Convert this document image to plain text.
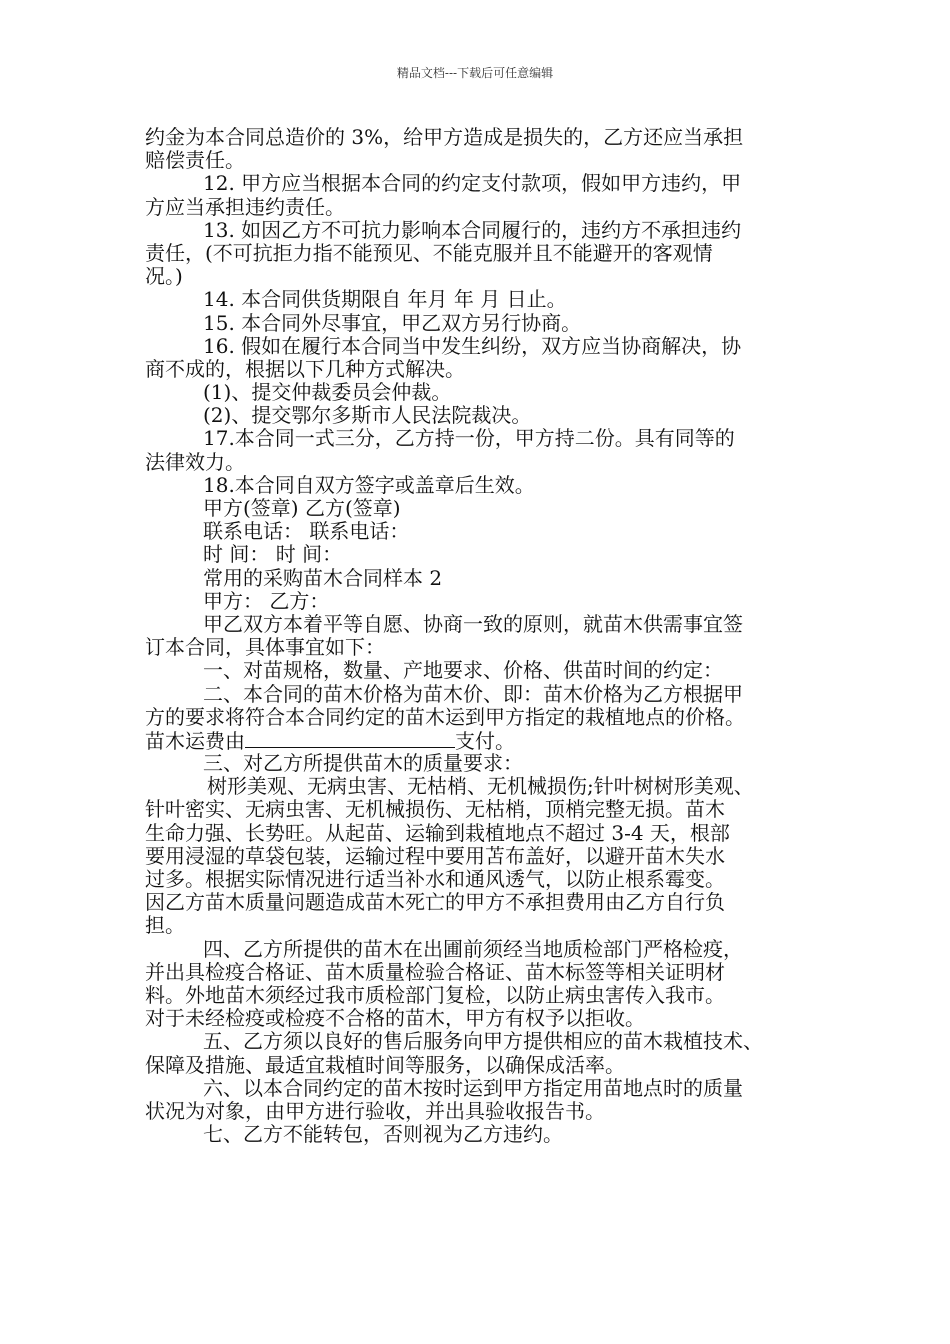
精品文档---下载后可任意编辑
约金为本合同总造价的 3%，给甲方造成是损失的，乙方还应当承担
赔偿责任。
12. 甲方应当根据本合同的约定支付款项，假如甲方违约，甲
方应当承担违约责任。
13. 如因乙方不可抗力影响本合同履行的，违约方不承担违约
责任，(不可抗拒力指不能预见、不能克服并且不能避开的客观情
况。)
14. 本合同供货期限自 年月 年 月 日止。
15. 本合同外尽事宜，甲乙双方另行协商。
16. 假如在履行本合同当中发生纠纷，双方应当协商解决，协
商不成的，根据以下几种方式解决。
(1)、提交仲裁委员会仲裁。
(2)、提交鄂尔多斯市人民法院裁决。
17.本合同一式三分，乙方持一份，甲方持二份。具有同等的
法律效力。
18.本合同自双方签字或盖章后生效。
甲方(签章) 乙方(签章)
联系电话： 联系电话：
时 间： 时 间：
常用的采购苗木合同样本 2
甲方： 乙方：
甲乙双方本着平等自愿、协商一致的原则，就苗木供需事宜签
订本合同，具体事宜如下：
一、对苗规格，数量、产地要求、价格、供苗时间的约定：
二、本合同的苗木价格为苗木价、即：苗木价格为乙方根据甲
方的要求将符合本合同约定的苗木运到甲方指定的栽植地点的价格。
苗木运费由	支付。
三、对乙方所提供苗木的质量要求：
树形美观、无病虫害、无枯梢、无机械损伤;针叶树树形美观、
针叶密实、无病虫害、无机械损伤、无枯梢，顶梢完整无损。苗木
生命力强、长势旺。从起苗、运输到栽植地点不超过 3-4 天，根部
要用浸湿的草袋包装，运输过程中要用苫布盖好，以避开苗木失水
过多。根据实际情况进行适当补水和通风透气，以防止根系霉变。
因乙方苗木质量问题造成苗木死亡的甲方不承担费用由乙方自行负
担。
四、乙方所提供的苗木在出圃前须经当地质检部门严格检疫，
并出具检疫合格证、苗木质量检验合格证、苗木标签等相关证明材
料。外地苗木须经过我市质检部门复检，以防止病虫害传入我市。
对于未经检疫或检疫不合格的苗木，甲方有权予以拒收。
五、乙方须以良好的售后服务向甲方提供相应的苗木栽植技术、
保障及措施、最适宜栽植时间等服务，以确保成活率。
六、以本合同约定的苗木按时运到甲方指定用苗地点时的质量
状况为对象，由甲方进行验收，并出具验收报告书。
七、乙方不能转包，否则视为乙方违约。
